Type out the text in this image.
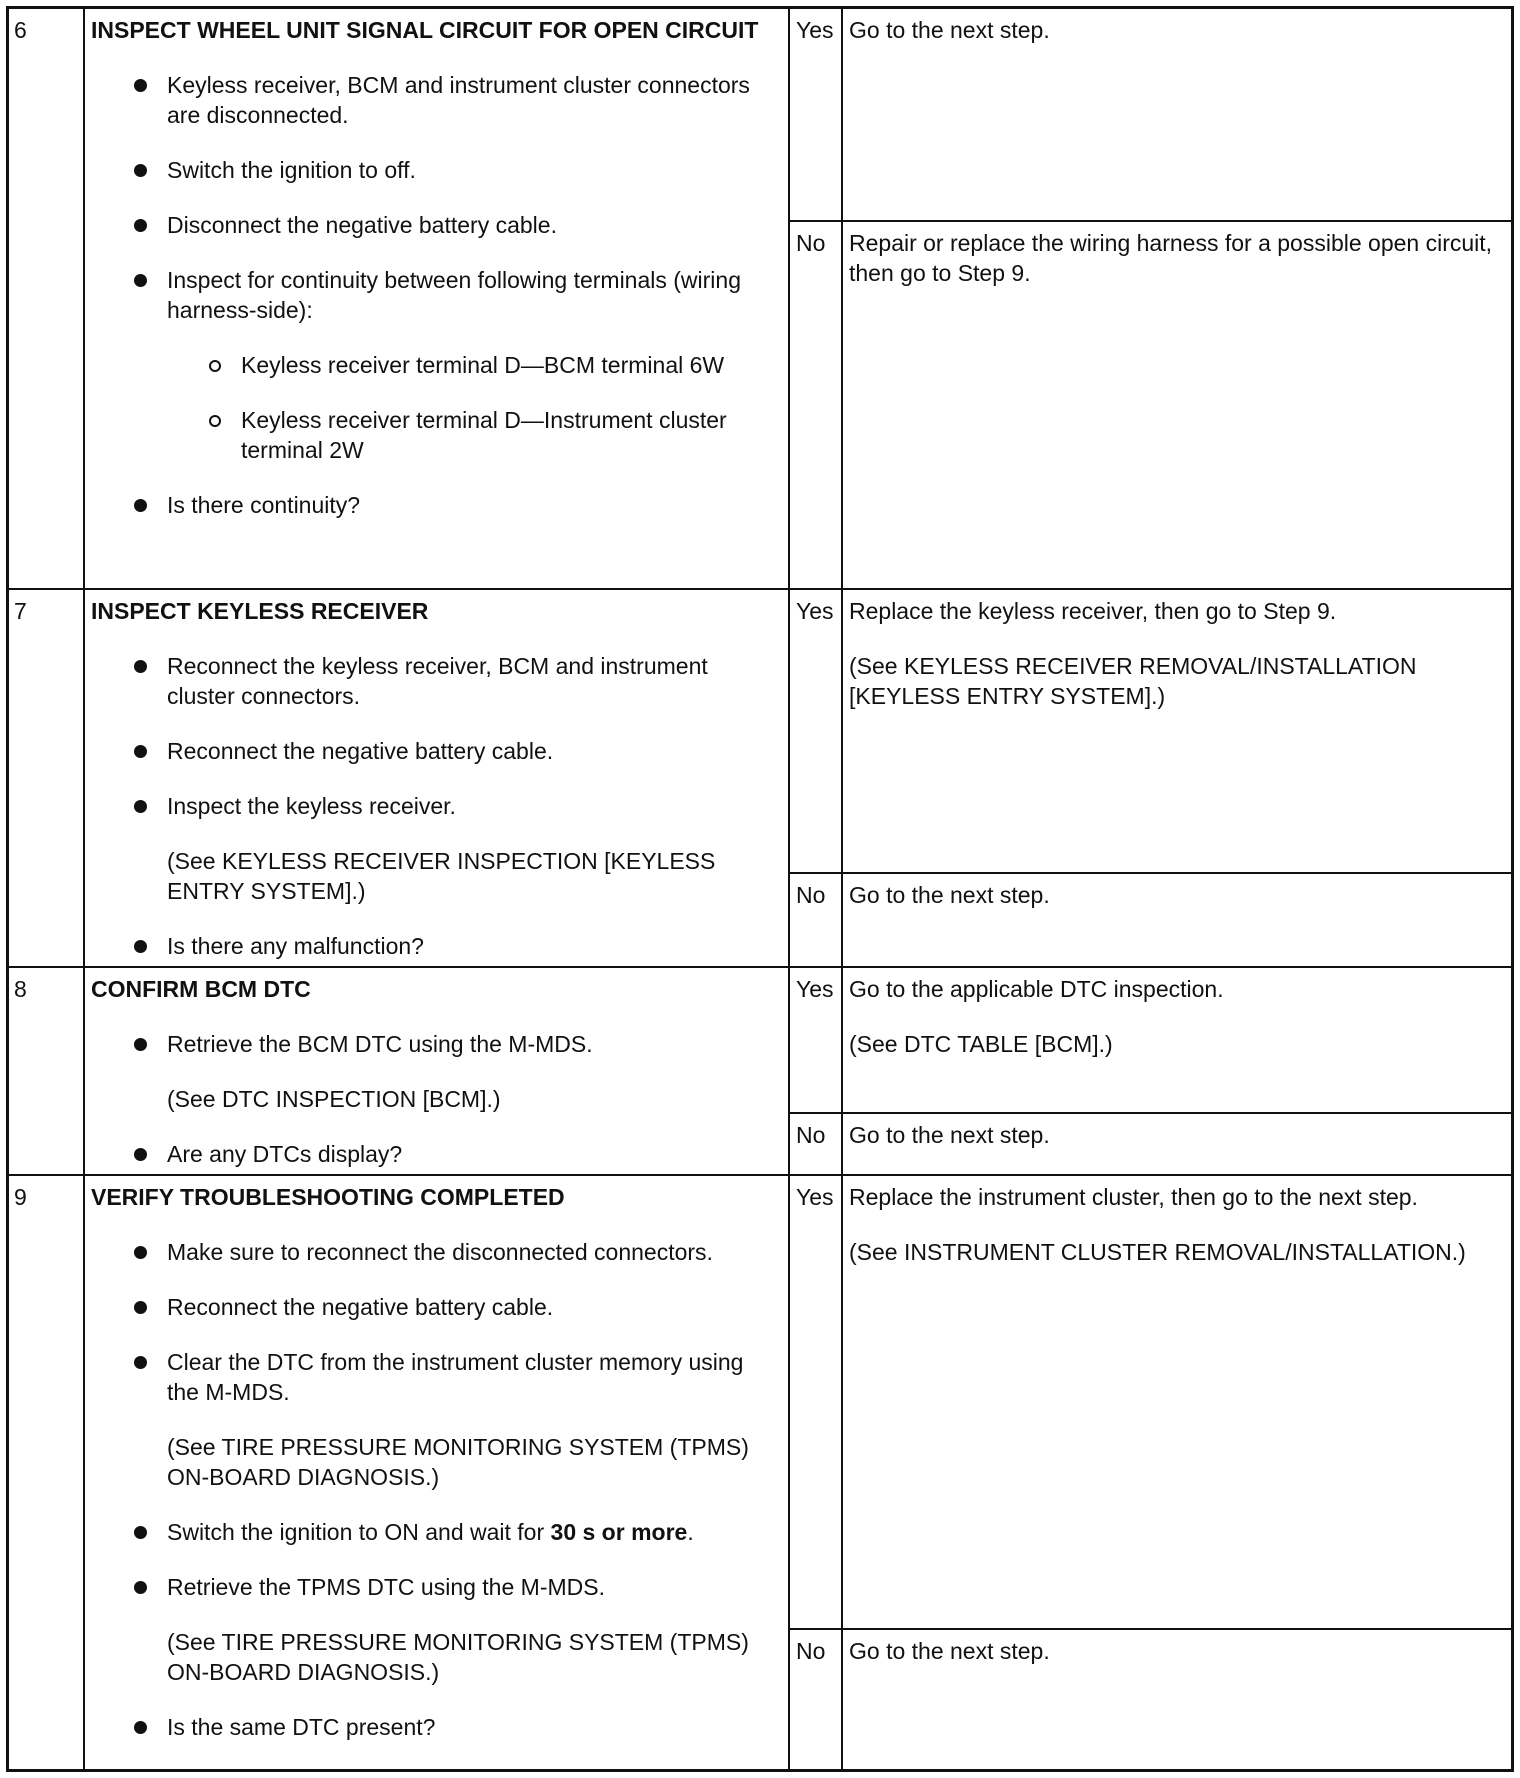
6	INSPECT WHEEL UNIT SIGNAL CIRCUIT FOR OPEN CIRCUIT
Keyless receiver, BCM and instrument cluster connectors are disconnected.
Switch the ignition to off.
Disconnect the negative battery cable.
Inspect for continuity between following terminals (wiring harness-side):
Keyless receiver terminal D—BCM terminal 6W
Keyless receiver terminal D—Instrument cluster terminal 2W
Is there continuity?
Yes Go to the next step.

No	Repair or replace the wiring harness for a possible open circuit, then go to Step 9.

7	INSPECT KEYLESS RECEIVER
Reconnect the keyless receiver, BCM and instrument cluster connectors.
Reconnect the negative battery cable.
Inspect the keyless receiver.
(See KEYLESS RECEIVER INSPECTION [KEYLESS ENTRY SYSTEM].)
Is there any malfunction?
Yes Replace the keyless receiver, then go to Step 9.

(See KEYLESS RECEIVER REMOVAL/INSTALLATION [KEYLESS ENTRY SYSTEM].)

No	Go to the next step.

8	CONFIRM BCM DTC
Retrieve the BCM DTC using the M-MDS.
(See DTC INSPECTION [BCM].)
Are any DTCs display?
Yes Go to the applicable DTC inspection.

(See DTC TABLE [BCM].)

No	Go to the next step.

9	VERIFY TROUBLESHOOTING COMPLETED
Make sure to reconnect the disconnected connectors.
Reconnect the negative battery cable.
Clear the DTC from the instrument cluster memory using the M-MDS.
(See TIRE PRESSURE MONITORING SYSTEM (TPMS) ON-BOARD DIAGNOSIS.)
Switch the ignition to ON and wait for 30 s or more.
Retrieve the TPMS DTC using the M-MDS.
(See TIRE PRESSURE MONITORING SYSTEM (TPMS) ON-BOARD DIAGNOSIS.)
Is the same DTC present?
Yes Replace the instrument cluster, then go to the next step.

(See INSTRUMENT CLUSTER REMOVAL/INSTALLATION.)

No	Go to the next step.
